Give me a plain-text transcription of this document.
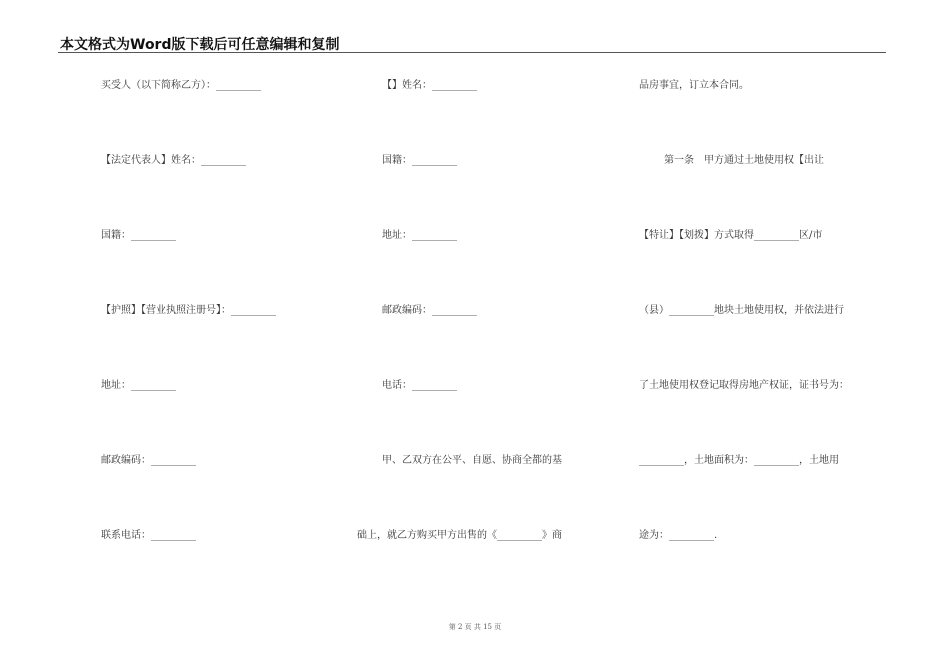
本文格式为Word版下载后可任意编辑和复制
买受人（以下简称乙方）：_________
【法定代表人】姓名：_________
国籍：_________
【护照】【营业执照注册号】：_________
地址：_________
邮政编码：_________
联系电话：_________
【】姓名：_________
国籍：_________
地址：_________
邮政编码：_________
电话：_________
甲、乙双方在公平、自愿、协商全都的基
础上，就乙方购买甲方出售的《_________》商
品房事宜，订立本合同。
第一条　甲方通过土地使用权【出让
【特让】【划拨】方式取得_________区/市
（县）_________地块土地使用权，并依法进行
了土地使用权登记取得房地产权证，证书号为：
_________，土地面积为：_________，土地用
途为：_________.
第 2 页 共 15 页
